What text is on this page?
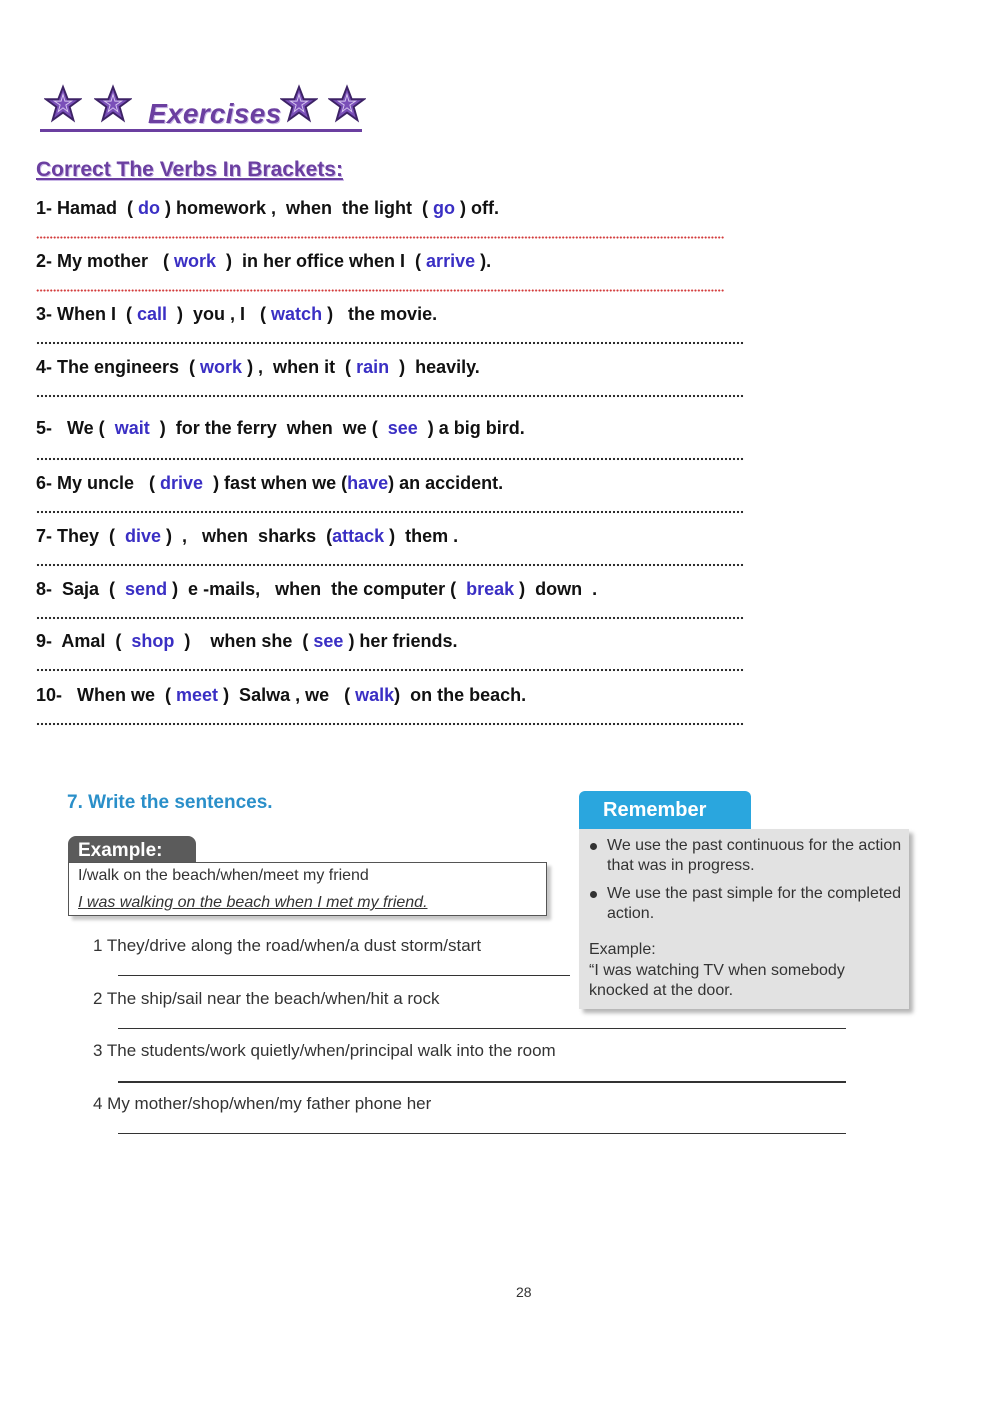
Exercises
Correct The Verbs In Brackets:
1- Hamad  ( do ) homework ,  when  the light  ( go ) off.
2- My mother   ( work  )  in her office when I  ( arrive ).
3- When I  ( call  )  you , I   ( watch )   the movie.
4- The engineers  ( work ) ,  when it  ( rain  )  heavily.
5-   We (  wait  )  for the ferry  when  we (  see  ) a big bird.
6- My uncle   ( drive  ) fast when we (have) an accident.
7- They  (  dive )  ,   when  sharks  (attack )  them .
8-  Saja  (  send )  e -mails,   when  the computer (  break )  down  .
9-  Amal  (  shop  )    when she  ( see ) her friends.
10-   When we  ( meet )  Salwa , we   ( walk)  on the beach.
7. Write the sentences.
Example:
I/walk on the beach/when/meet my friend
I was walking on the beach when I met my friend.
1 They/drive along the road/when/a dust storm/start
2 The ship/sail near the beach/when/hit a rock
3 The students/work quietly/when/principal walk into the room
4 My mother/shop/when/my father phone her
Remember
We use the past continuous for the action that was in progress.
We use the past simple for the completed action.
Example:
“I was watching TV when somebody knocked at the door.
28
